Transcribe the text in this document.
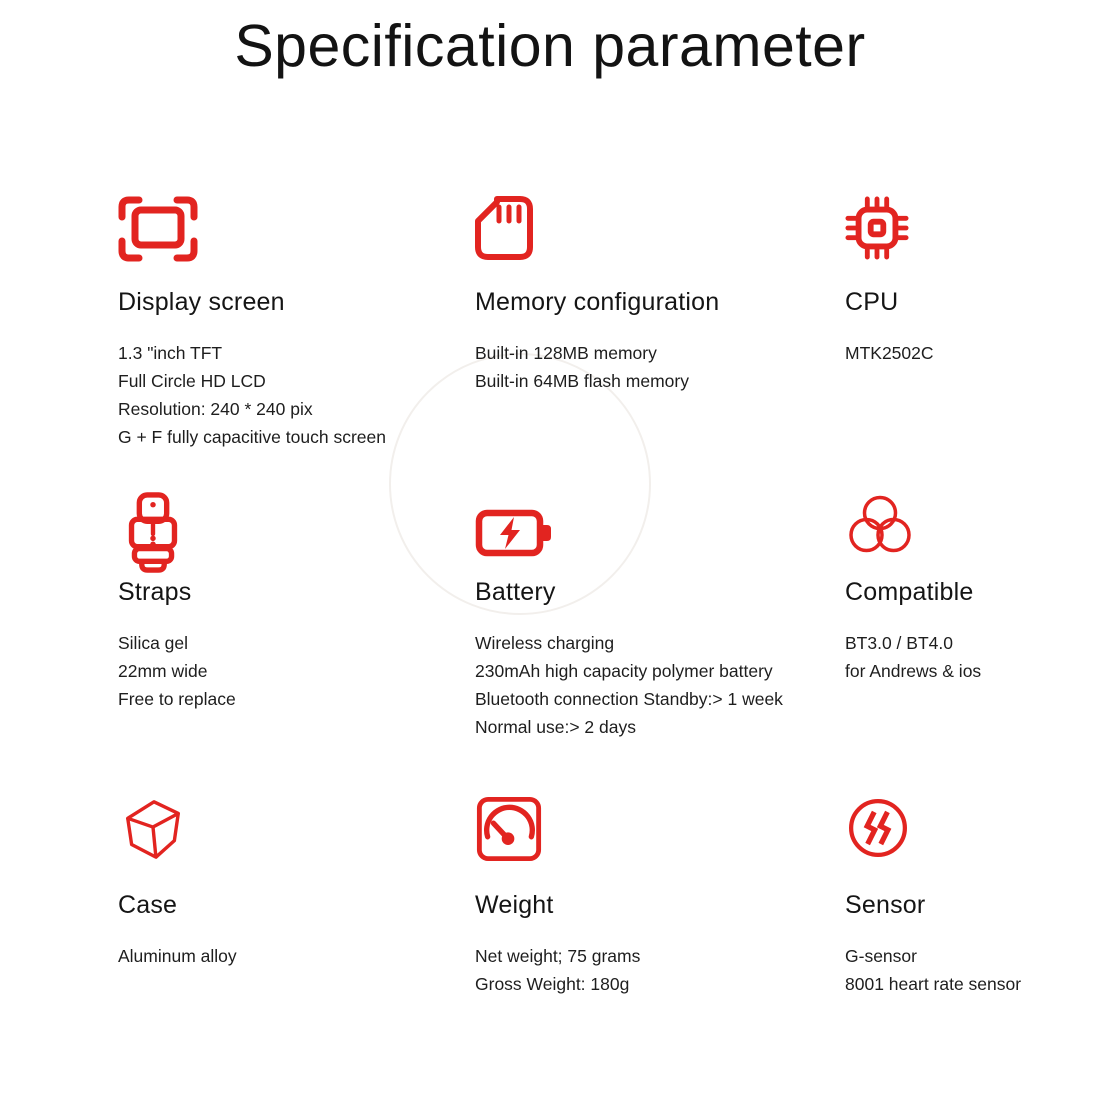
Specification parameter
Display screen
1.3 "inch TFT
Full Circle HD LCD
Resolution: 240 * 240 pix
G + F fully capacitive touch screen
Memory configuration
Built-in 128MB memory
Built-in 64MB flash memory
CPU
MTK2502C
Straps
Silica gel
22mm wide
Free to replace
Battery
Wireless charging
230mAh high capacity polymer battery
Bluetooth connection Standby:> 1 week
Normal use:> 2 days
Compatible
BT3.0 / BT4.0
for Andrews & ios
Case
Aluminum alloy
Weight
Net weight; 75 grams
Gross Weight: 180g
Sensor
G-sensor
8001 heart rate sensor
